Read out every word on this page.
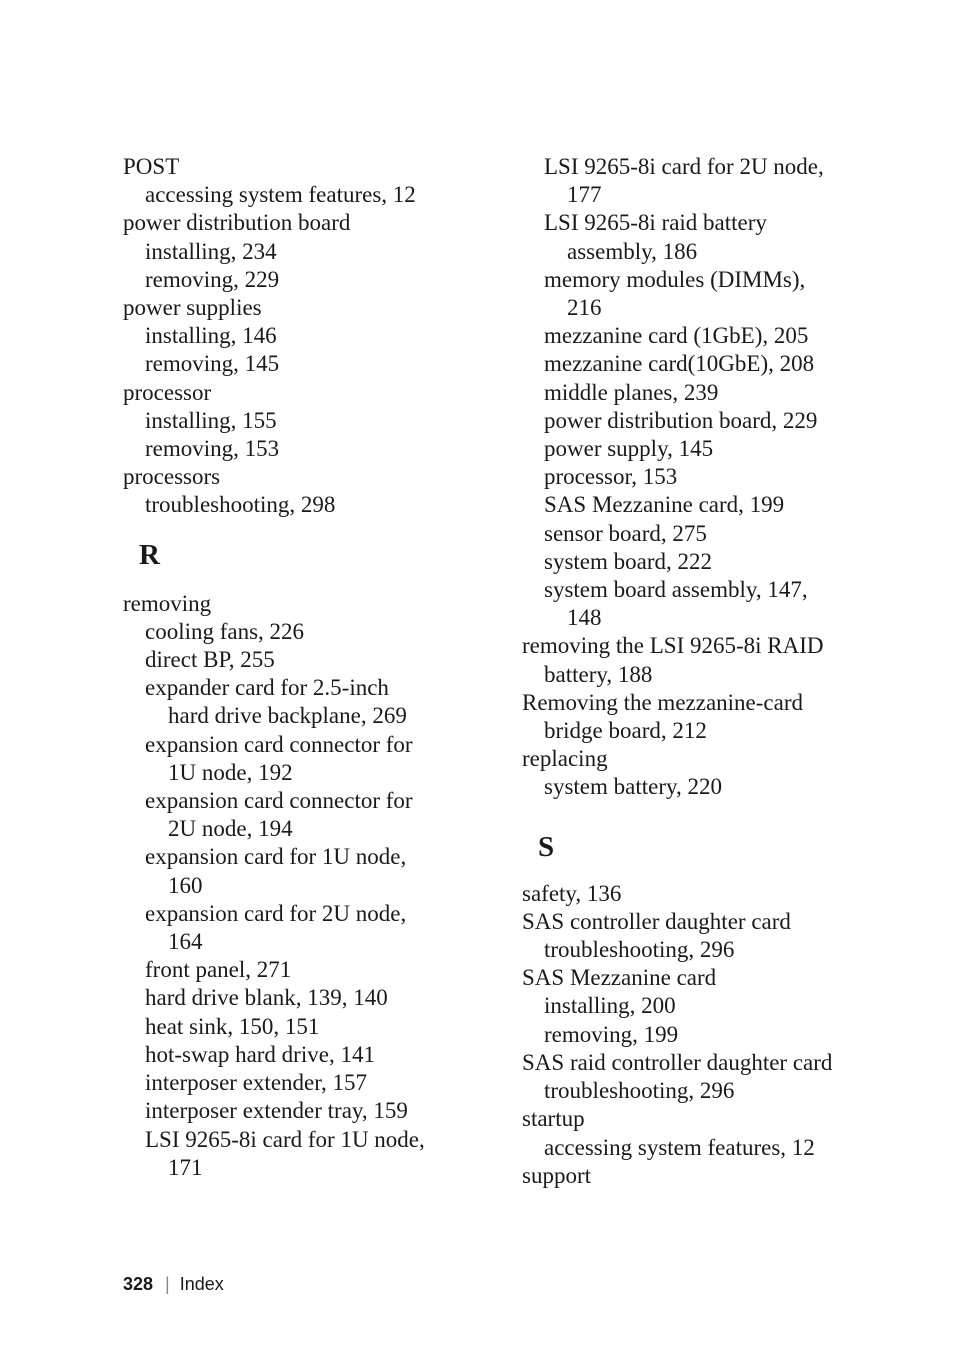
POST
accessing system features, 12
power distribution board
installing, 234
removing, 229
power supplies
installing, 146
removing, 145
processor
installing, 155
removing, 153
processors
troubleshooting, 298
R
removing
cooling fans, 226
direct BP, 255
expander card for 2.5-inch
hard drive backplane, 269
expansion card connector for
1U node, 192
expansion card connector for
2U node, 194
expansion card for 1U node,
160
expansion card for 2U node,
164
front panel, 271
hard drive blank, 139, 140
heat sink, 150, 151
hot-swap hard drive, 141
interposer extender, 157
interposer extender tray, 159
LSI 9265-8i card for 1U node,
171
LSI 9265-8i card for 2U node,
177
LSI 9265-8i raid battery
assembly, 186
memory modules (DIMMs),
216
mezzanine card (1GbE), 205
mezzanine card(10GbE), 208
middle planes, 239
power distribution board, 229
power supply, 145
processor, 153
SAS Mezzanine card, 199
sensor board, 275
system board, 222
system board assembly, 147,
148
removing the LSI 9265-8i RAID
battery, 188
Removing the mezzanine-card
bridge board, 212
replacing
system battery, 220
S
safety, 136
SAS controller daughter card
troubleshooting, 296
SAS Mezzanine card
installing, 200
removing, 199
SAS raid controller daughter card
troubleshooting, 296
startup
accessing system features, 12
support
328 | Index
